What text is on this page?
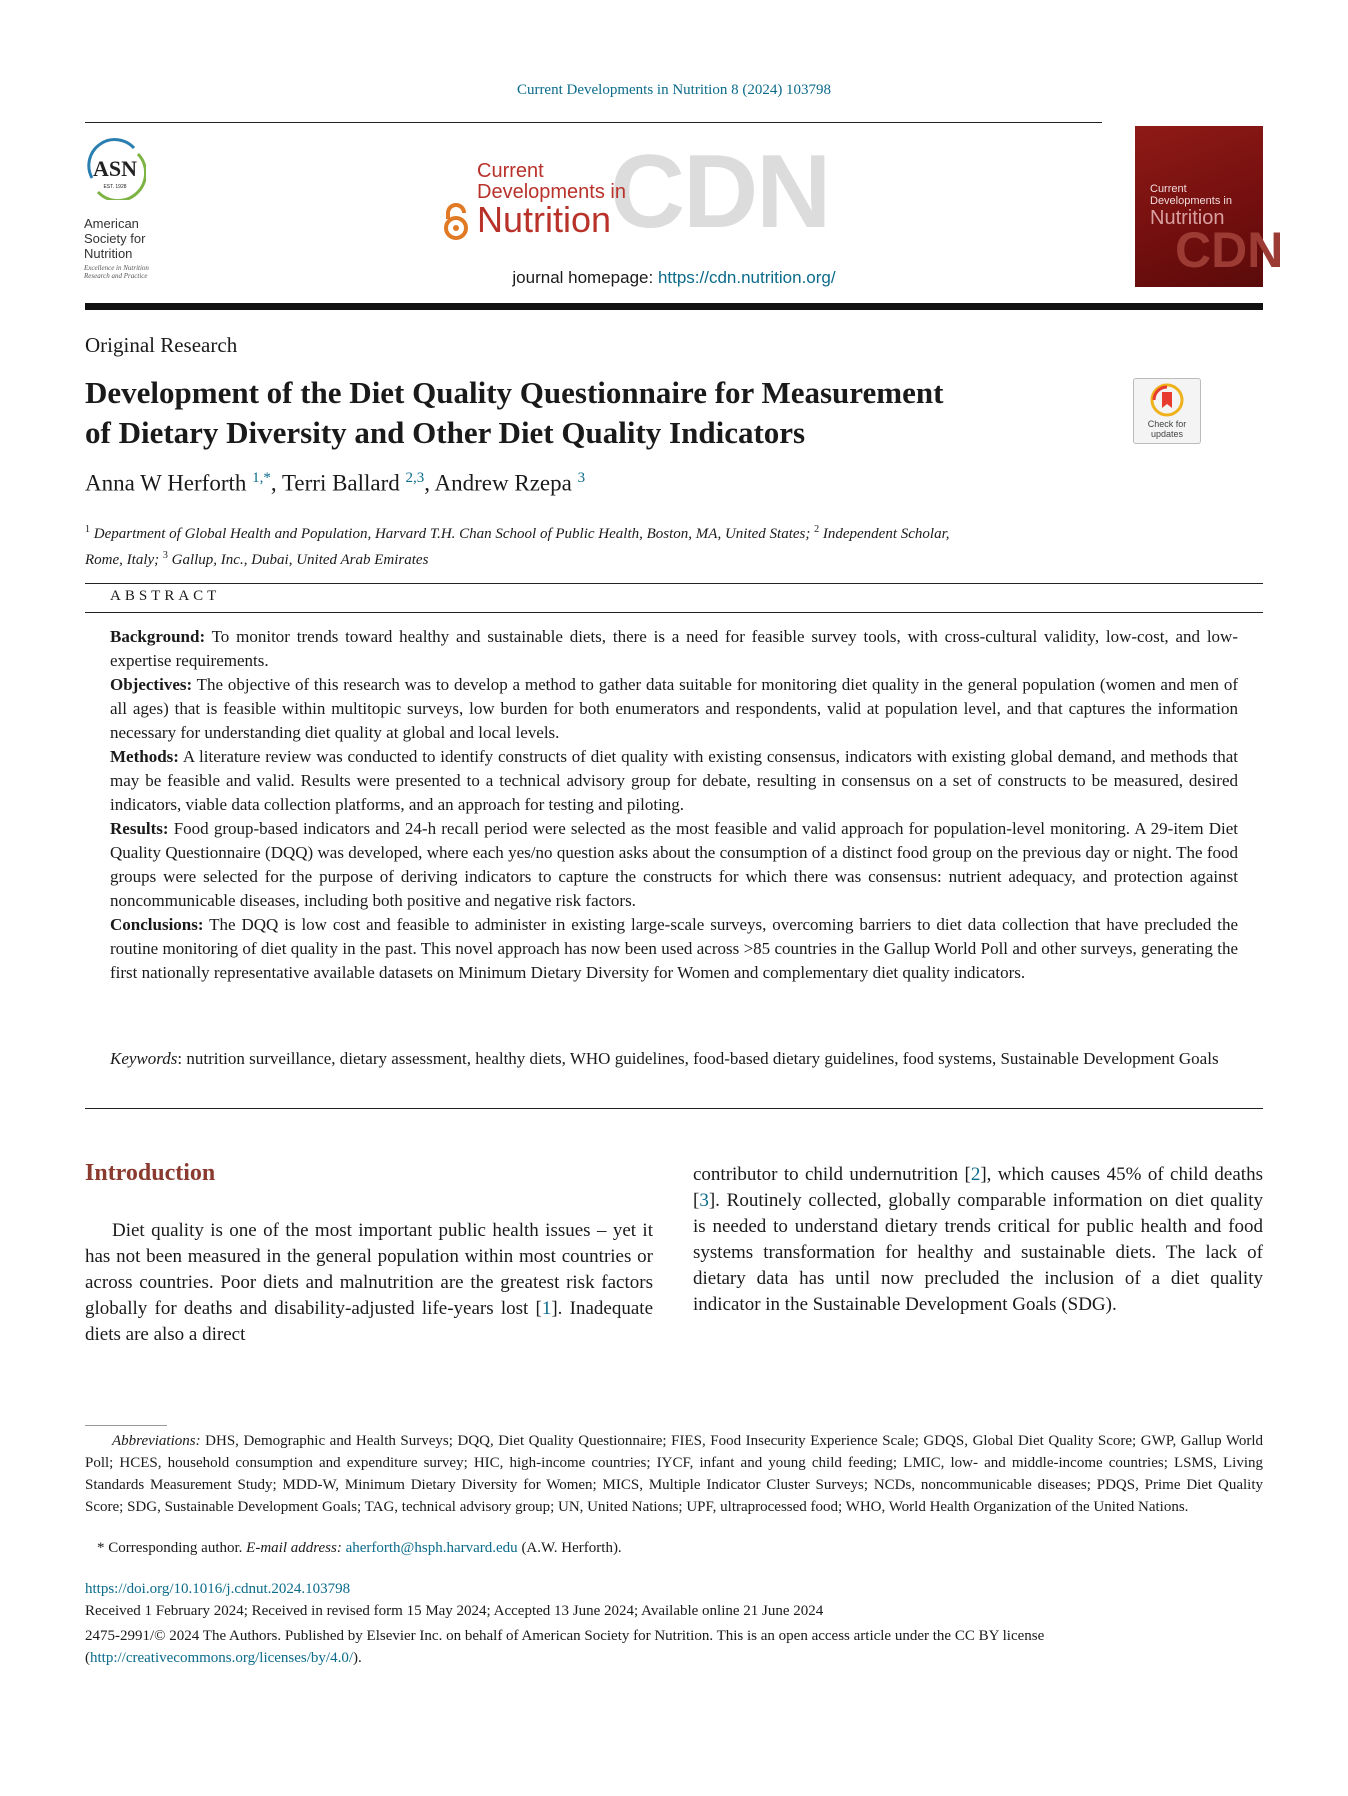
Current Developments in Nutrition 8 (2024) 103798
ASN
EST. 1928
American
Society for
Nutrition
Excellence in Nutrition Research and Practice
CDN
Current
Developments in
Nutrition
journal homepage: https://cdn.nutrition.org/	CDN
Current
Developments in
Nutrition
Original Research
Development of the Diet Quality Questionnaire for Measurement
of Dietary Diversity and Other Diet Quality Indicators	Check for
updates
Anna W Herforth $^{1,*}$, Terri Ballard $^{2,3}$, Andrew Rzepa $^3$
$^1$ Department of Global Health and Population, Harvard T.H. Chan School of Public Health, Boston, MA, United States; $^2$ Independent Scholar,
Rome, Italy; $^3$ Gallup, Inc., Dubai, United Arab Emirates
ABSTRACT

Background: To monitor trends toward healthy and sustainable diets, there is a need for feasible survey tools, with cross-cultural validity, low-cost, and low-expertise requirements.

Objectives: The objective of this research was to develop a method to gather data suitable for monitoring diet quality in the general population (women and men of all ages) that is feasible within multitopic surveys, low burden for both enumerators and respondents, valid at population level, and that captures the information necessary for understanding diet quality at global and local levels.

Methods: A literature review was conducted to identify constructs of diet quality with existing consensus, indicators with existing global demand, and methods that may be feasible and valid. Results were presented to a technical advisory group for debate, resulting in consensus on a set of constructs to be measured, desired indicators, viable data collection platforms, and an approach for testing and piloting.

Results: Food group-based indicators and 24-h recall period were selected as the most feasible and valid approach for population-level monitoring. A 29-item Diet Quality Questionnaire (DQQ) was developed, where each yes/no question asks about the consumption of a distinct food group on the previous day or night. The food groups were selected for the purpose of deriving indicators to capture the constructs for which there was consensus: nutrient adequacy, and protection against noncommunicable diseases, including both positive and negative risk factors.

Conclusions: The DQQ is low cost and feasible to administer in existing large-scale surveys, overcoming barriers to diet data collection that have precluded the routine monitoring of diet quality in the past. This novel approach has now been used across >85 countries in the Gallup World Poll and other surveys, generating the first nationally representative available datasets on Minimum Dietary Diversity for Women and complementary diet quality indicators.

Keywords: nutrition surveillance, dietary assessment, healthy diets, WHO guidelines, food-based dietary guidelines, food systems, Sustainable Development Goals
Introduction
Diet quality is one of the most important public health issues – yet it has not been measured in the general population within most countries or across countries. Poor diets and malnutrition are the greatest risk factors globally for deaths and disability-adjusted life-years lost [1]. Inadequate diets are also a direct
contributor to child undernutrition [2], which causes 45% of child deaths [3]. Routinely collected, globally comparable information on diet quality is needed to understand dietary trends critical for public health and food systems transformation for healthy and sustainable diets. The lack of dietary data has until now precluded the inclusion of a diet quality indicator in the Sustainable Development Goals (SDG).
Abbreviations: DHS, Demographic and Health Surveys; DQQ, Diet Quality Questionnaire; FIES, Food Insecurity Experience Scale; GDQS, Global Diet Quality Score; GWP, Gallup World Poll; HCES, household consumption and expenditure survey; HIC, high-income countries; IYCF, infant and young child feeding; LMIC, low- and middle-income countries; LSMS, Living Standards Measurement Study; MDD-W, Minimum Dietary Diversity for Women; MICS, Multiple Indicator Cluster Surveys; NCDs, noncommunicable diseases; PDQS, Prime Diet Quality Score; SDG, Sustainable Development Goals; TAG, technical advisory group; UN, United Nations; UPF, ultraprocessed food; WHO, World Health Organization of the United Nations.
* Corresponding author. E-mail address: aherforth@hsph.harvard.edu (A.W. Herforth).
https://doi.org/10.1016/j.cdnut.2024.103798
Received 1 February 2024; Received in revised form 15 May 2024; Accepted 13 June 2024; Available online 21 June 2024
2475-2991/© 2024 The Authors. Published by Elsevier Inc. on behalf of American Society for Nutrition. This is an open access article under the CC BY license (http://creativecommons.org/licenses/by/4.0/).
